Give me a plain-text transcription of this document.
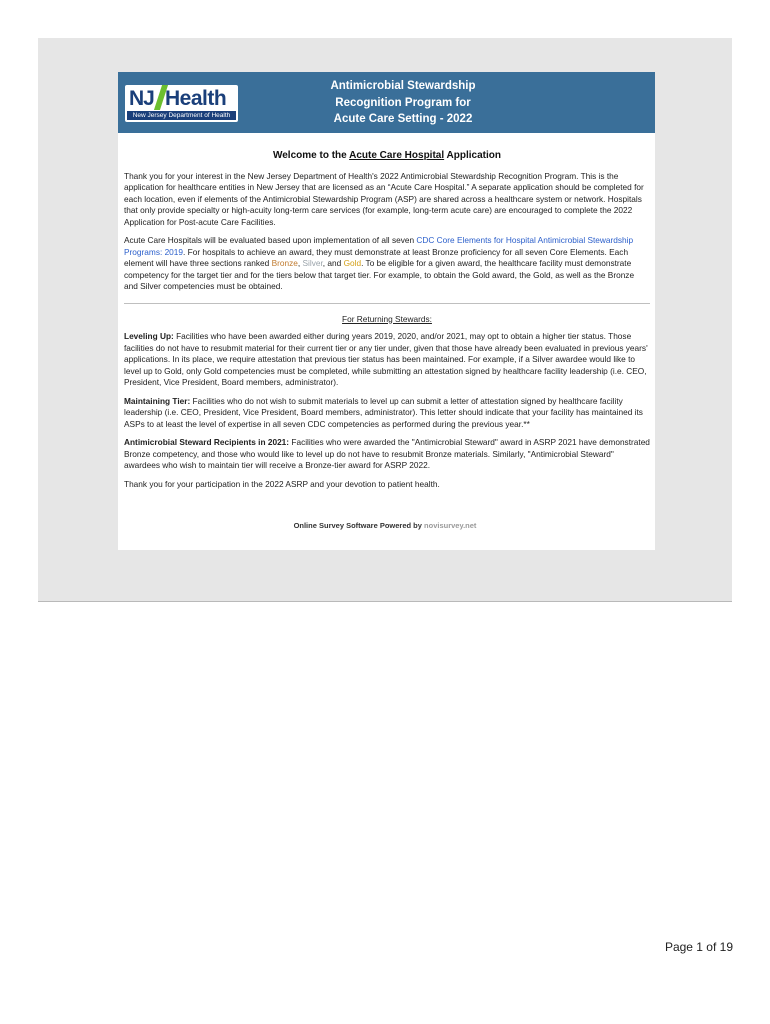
NJ Health
New Jersey Department of Health
Antimicrobial Stewardship
Recognition Program for
Acute Care Setting - 2022

Welcome to the Acute Care Hospital Application

Thank you for your interest in the New Jersey Department of Health's 2022 Antimicrobial Stewardship Recognition Program. This is the application for healthcare entities in New Jersey that are licensed as an “Acute Care Hospital.” A separate application should be completed for each location, even if elements of the Antimicrobial Stewardship Program (ASP) are shared across a healthcare system or network. Hospitals that only provide specialty or high-acuity long-term care services (for example, long-term acute care) are encouraged to complete the 2022 Application for Post-acute Care Facilities.

Acute Care Hospitals will be evaluated based upon implementation of all seven CDC Core Elements for Hospital Antimicrobial Stewardship Programs: 2019. For hospitals to achieve an award, they must demonstrate at least Bronze proficiency for all seven Core Elements. Each element will have three sections ranked Bronze, Silver, and Gold. To be eligible for a given award, the healthcare facility must demonstrate competency for the target tier and for the tiers below that target tier. For example, to obtain the Gold award, the Gold, as well as the Bronze and Silver competencies must be obtained.

For Returning Stewards:

Leveling Up: Facilities who have been awarded either during years 2019, 2020, and/or 2021, may opt to obtain a higher tier status. Those facilities do not have to resubmit material for their current tier or any tier under, given that those have already been evaluated in previous years' applications. In its place, we require attestation that previous tier status has been maintained. For example, if a Silver awardee would like to level up to Gold, only Gold competencies must be completed, while submitting an attestation signed by healthcare facility leadership (i.e. CEO, President, Vice President, Board members, administrator).

Maintaining Tier: Facilities who do not wish to submit materials to level up can submit a letter of attestation signed by healthcare facility leadership (i.e. CEO, President, Vice President, Board members, administrator). This letter should indicate that your facility has maintained its ASPs to at least the level of expertise in all seven CDC competencies as performed during the previous year.**

Antimicrobial Steward Recipients in 2021: Facilities who were awarded the "Antimicrobial Steward" award in ASRP 2021 have demonstrated Bronze competency, and those who would like to level up do not have to resubmit Bronze materials. Similarly, "Antimicrobial Steward" awardees who wish to maintain tier will receive a Bronze-tier award for ASRP 2022.

Thank you for your participation in the 2022 ASRP and your devotion to patient health.

Online Survey Software Powered by novisurvey.net
Page 1 of 19
